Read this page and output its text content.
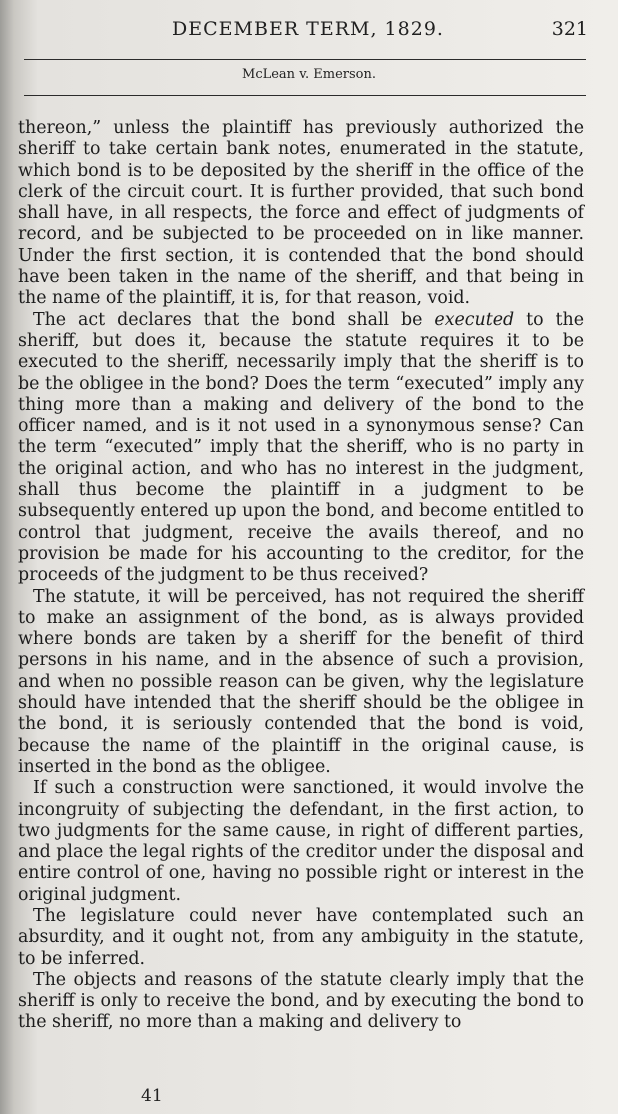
DECEMBER TERM, 1829.	321
McLean v. Emerson.

thereon,” unless the plaintiff has previously authorized the sheriff to take certain bank notes, enumerated in the statute, which bond is to be deposited by the sheriff in the office of the clerk of the circuit court. It is further provided, that such bond shall have, in all respects, the force and effect of judgments of record, and be subjected to be proceeded on in like manner. Under the first section, it is contended that the bond should have been taken in the name of the sheriff, and that being in the name of the plaintiff, it is, for that reason, void.

The act declares that the bond shall be executed to the sheriff, but does it, because the statute requires it to be executed to the sheriff, necessarily imply that the sheriff is to be the obligee in the bond? Does the term “executed” imply any thing more than a making and delivery of the bond to the officer named, and is it not used in a synonymous sense? Can the term “executed” imply that the sheriff, who is no party in the original action, and who has no interest in the judgment, shall thus become the plaintiff in a judgment to be subsequently entered up upon the bond, and become entitled to control that judgment, receive the avails thereof, and no provision be made for his accounting to the creditor, for the proceeds of the judgment to be thus received?

The statute, it will be perceived, has not required the sheriff to make an assignment of the bond, as is always provided where bonds are taken by a sheriff for the benefit of third persons in his name, and in the absence of such a provision, and when no possible reason can be given, why the legislature should have intended that the sheriff should be the obligee in the bond, it is seriously contended that the bond is void, because the name of the plaintiff in the original cause, is inserted in the bond as the obligee.

If such a construction were sanctioned, it would involve the incongruity of subjecting the defendant, in the first action, to two judgments for the same cause, in right of different parties, and place the legal rights of the creditor under the disposal and entire control of one, having no possible right or interest in the original judgment.

The legislature could never have contemplated such an absurdity, and it ought not, from any ambiguity in the statute, to be inferred.

The objects and reasons of the statute clearly imply that the sheriff is only to receive the bond, and by executing the bond to the sheriff, no more than a making and delivery to

41
